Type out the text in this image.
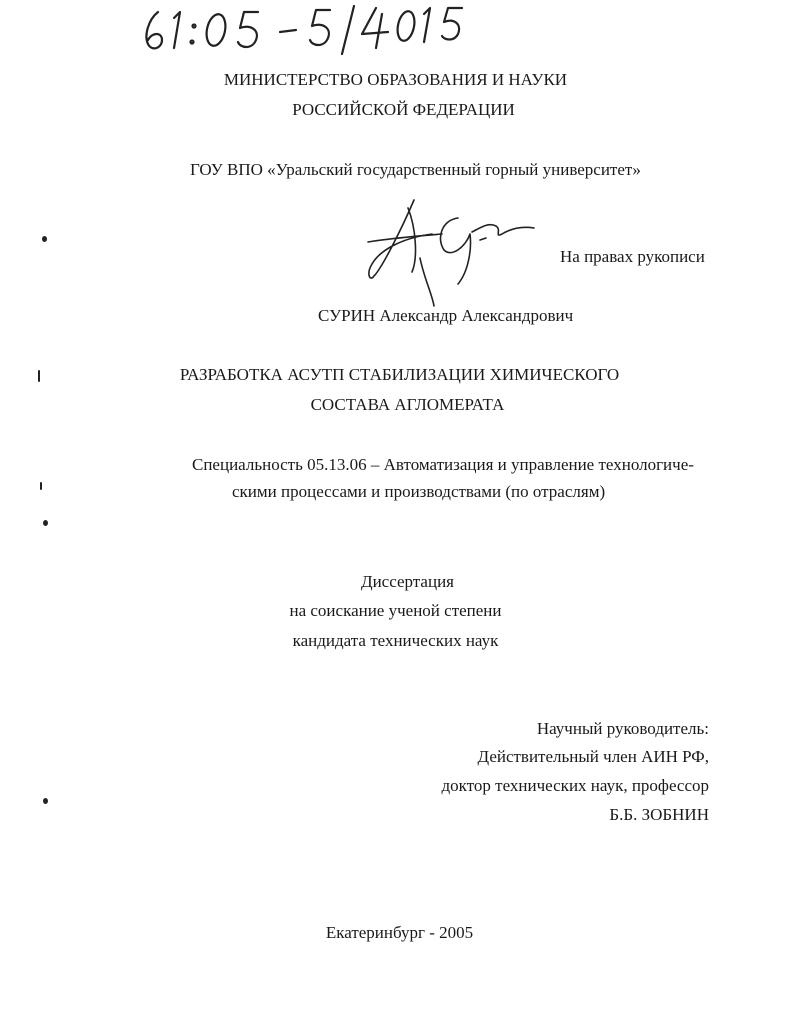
МИНИСТЕРСТВО ОБРАЗОВАНИЯ И НАУКИ
РОССИЙСКОЙ ФЕДЕРАЦИИ
ГОУ ВПО «Уральский государственный горный университет»
На правах рукописи
СУРИН Александр Александрович
РАЗРАБОТКА АСУТП СТАБИЛИЗАЦИИ ХИМИЧЕСКОГО
СОСТАВА АГЛОМЕРАТА
Специальность 05.13.06 – Автоматизация и управление технологиче-
скими процессами и производствами (по отраслям)
Диссертация
на соискание ученой степени
кандидата технических наук
Научный руководитель:
Действительный член АИН РФ,
доктор технических наук, профессор
Б.Б. ЗОБНИН
Екатеринбург - 2005
